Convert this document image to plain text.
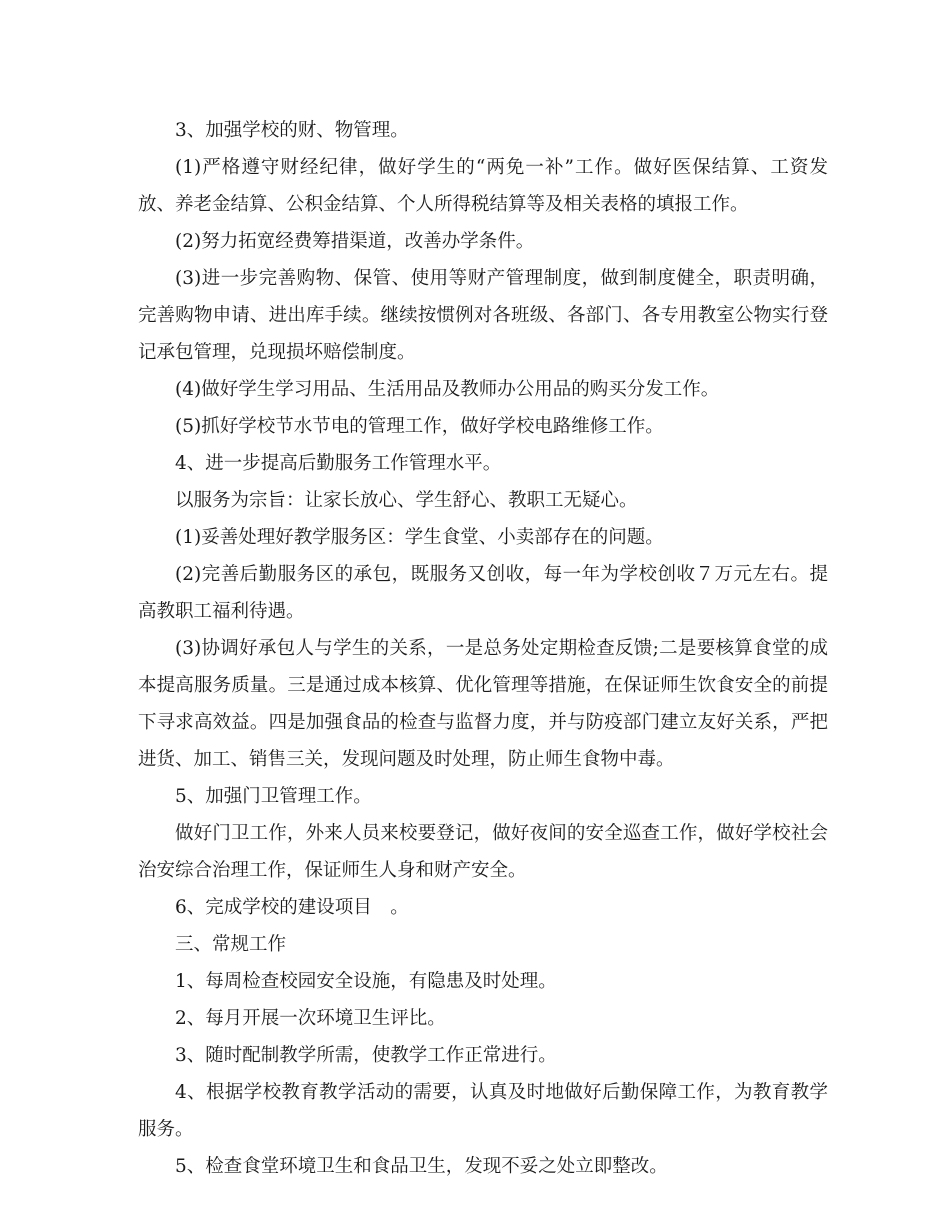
3、加强学校的财、物管理。

(1)严格遵守财经纪律，做好学生的“两免一补”工作。做好医保结算、工资发放、养老金结算、公积金结算、个人所得税结算等及相关表格的填报工作。

(2)努力拓宽经费筹措渠道，改善办学条件。

(3)进一步完善购物、保管、使用等财产管理制度，做到制度健全，职责明确，完善购物申请、进出库手续。继续按惯例对各班级、各部门、各专用教室公物实行登记承包管理，兑现损坏赔偿制度。

(4)做好学生学习用品、生活用品及教师办公用品的购买分发工作。

(5)抓好学校节水节电的管理工作，做好学校电路维修工作。

4、进一步提高后勤服务工作管理水平。

以服务为宗旨：让家长放心、学生舒心、教职工无疑心。

(1)妥善处理好教学服务区：学生食堂、小卖部存在的问题。

(2)完善后勤服务区的承包，既服务又创收，每一年为学校创收７万元左右。提高教职工福利待遇。

(3)协调好承包人与学生的关系，一是总务处定期检查反馈;二是要核算食堂的成本提高服务质量。三是通过成本核算、优化管理等措施，在保证师生饮食安全的前提下寻求高效益。四是加强食品的检查与监督力度，并与防疫部门建立友好关系，严把进货、加工、销售三关，发现问题及时处理，防止师生食物中毒。

5、加强门卫管理工作。

做好门卫工作，外来人员来校要登记，做好夜间的安全巡查工作，做好学校社会治安综合治理工作，保证师生人身和财产安全。

6、完成学校的建设项目　。

三、常规工作

1、每周检查校园安全设施，有隐患及时处理。

2、每月开展一次环境卫生评比。

3、随时配制教学所需，使教学工作正常进行。

4、根据学校教育教学活动的需要，认真及时地做好后勤保障工作，为教育教学服务。

5、检查食堂环境卫生和食品卫生，发现不妥之处立即整改。
